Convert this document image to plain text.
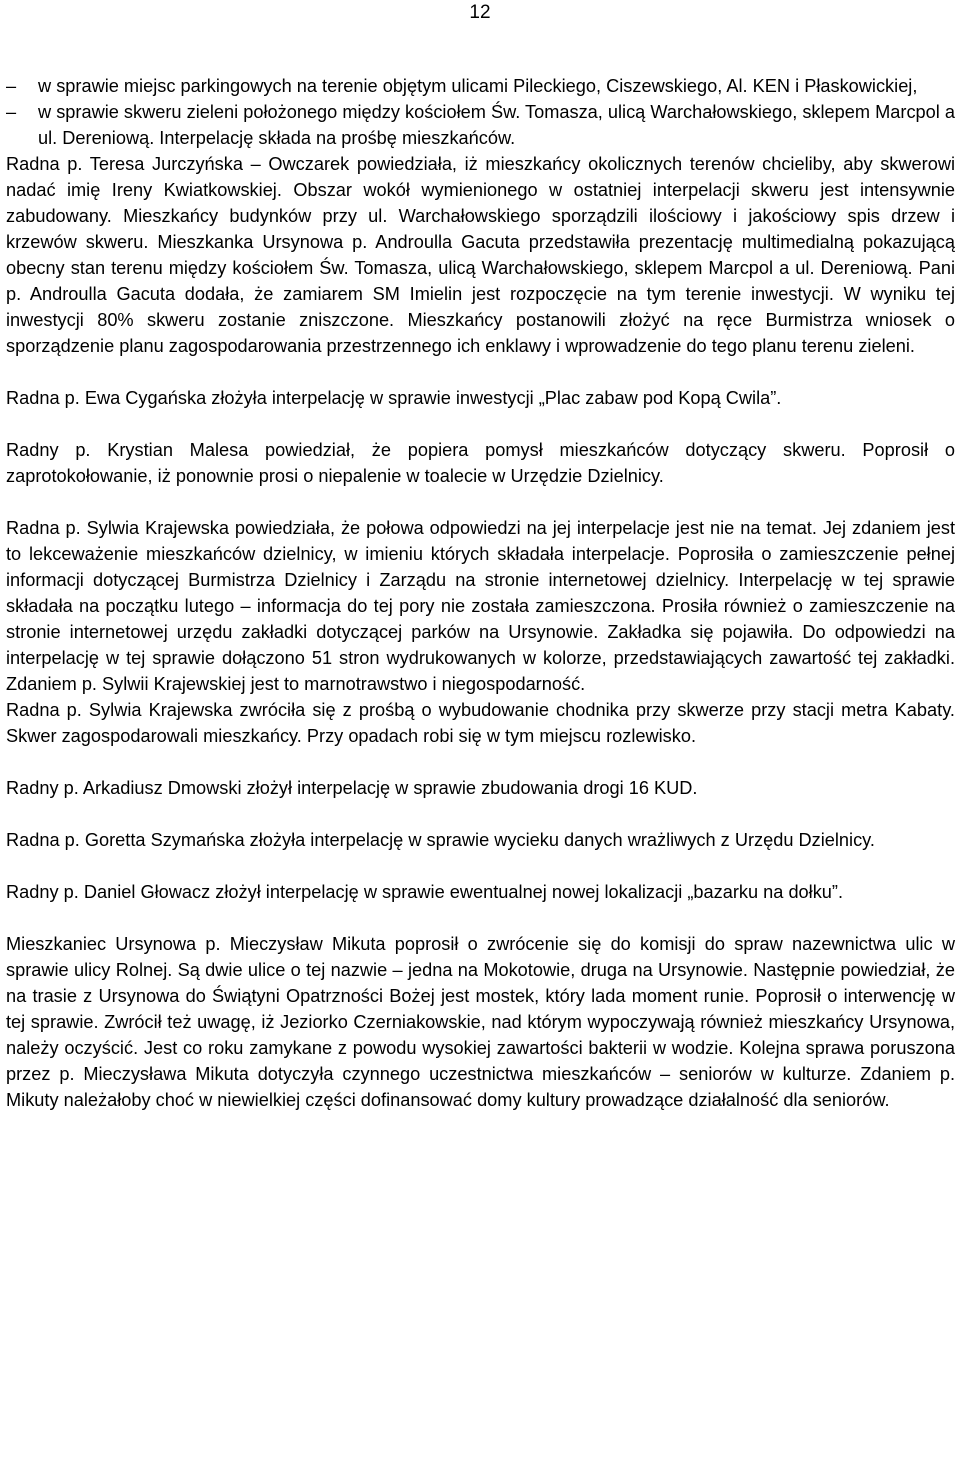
12
– w sprawie miejsc parkingowych na terenie objętym ulicami Pileckiego, Ciszewskiego, Al. KEN i Płaskowickiej,
– w sprawie skweru zieleni położonego między kościołem Św. Tomasza, ulicą Warchałowskiego, sklepem Marcpol a ul. Dereniową. Interpelację składa na prośbę mieszkańców.

Radna p. Teresa Jurczyńska – Owczarek powiedziała, iż mieszkańcy okolicznych terenów chcieliby, aby skwerowi nadać imię Ireny Kwiatkowskiej. Obszar wokół wymienionego w ostatniej interpelacji skweru jest intensywnie zabudowany. Mieszkańcy budynków przy ul. Warchałowskiego sporządzili ilościowy i jakościowy spis drzew i krzewów skweru. Mieszkanka Ursynowa p. Androulla Gacuta przedstawiła prezentację multimedialną pokazującą obecny stan terenu między kościołem Św. Tomasza, ulicą Warchałowskiego, sklepem Marcpol a ul. Dereniową. Pani p. Androulla Gacuta dodała, że zamiarem SM Imielin jest rozpoczęcie na tym terenie inwestycji. W wyniku tej inwestycji 80% skweru zostanie zniszczone. Mieszkańcy postanowili złożyć na ręce Burmistrza wniosek o sporządzenie planu zagospodarowania przestrzennego ich enklawy i wprowadzenie do tego planu terenu zieleni.

Radna p. Ewa Cygańska złożyła interpelację w sprawie inwestycji „Plac zabaw pod Kopą Cwila”.

Radny p. Krystian Malesa powiedział, że popiera pomysł mieszkańców dotyczący skweru. Poprosił o zaprotokołowanie, iż ponownie prosi o niepalenie w toalecie w Urzędzie Dzielnicy.

Radna p. Sylwia Krajewska powiedziała, że połowa odpowiedzi na jej interpelacje jest nie na temat. Jej zdaniem jest to lekceważenie mieszkańców dzielnicy, w imieniu których składała interpelacje. Poprosiła o zamieszczenie pełnej informacji dotyczącej Burmistrza Dzielnicy i Zarządu na stronie internetowej dzielnicy. Interpelację w tej sprawie składała na początku lutego – informacja do tej pory nie została zamieszczona. Prosiła również o zamieszczenie na stronie internetowej urzędu zakładki dotyczącej parków na Ursynowie. Zakładka się pojawiła. Do odpowiedzi na interpelację w tej sprawie dołączono 51 stron wydrukowanych w kolorze, przedstawiających zawartość tej zakładki. Zdaniem p. Sylwii Krajewskiej jest to marnotrawstwo i niegospodarność.

Radna p. Sylwia Krajewska zwróciła się z prośbą o wybudowanie chodnika przy skwerze przy stacji metra Kabaty. Skwer zagospodarowali mieszkańcy. Przy opadach robi się w tym miejscu rozlewisko.

Radny p. Arkadiusz Dmowski złożył interpelację w sprawie zbudowania drogi 16 KUD.

Radna p. Goretta Szymańska złożyła interpelację w sprawie wycieku danych wrażliwych z Urzędu Dzielnicy.

Radny p. Daniel Głowacz złożył interpelację w sprawie ewentualnej nowej lokalizacji „bazarku na dołku”.

Mieszkaniec Ursynowa p. Mieczysław Mikuta poprosił o zwrócenie się do komisji do spraw nazewnictwa ulic w sprawie ulicy Rolnej. Są dwie ulice o tej nazwie – jedna na Mokotowie, druga na Ursynowie. Następnie powiedział, że na trasie z Ursynowa do Świątyni Opatrzności Bożej jest mostek, który lada moment runie. Poprosił o interwencję w tej sprawie. Zwrócił też uwagę, iż Jeziorko Czerniakowskie, nad którym wypoczywają również mieszkańcy Ursynowa, należy oczyścić. Jest co roku zamykane z powodu wysokiej zawartości bakterii w wodzie. Kolejna sprawa poruszona przez p. Mieczysława Mikuta dotyczyła czynnego uczestnictwa mieszkańców – seniorów w kulturze. Zdaniem p. Mikuty należałoby choć w niewielkiej części dofinansować domy kultury prowadzące działalność dla seniorów.
